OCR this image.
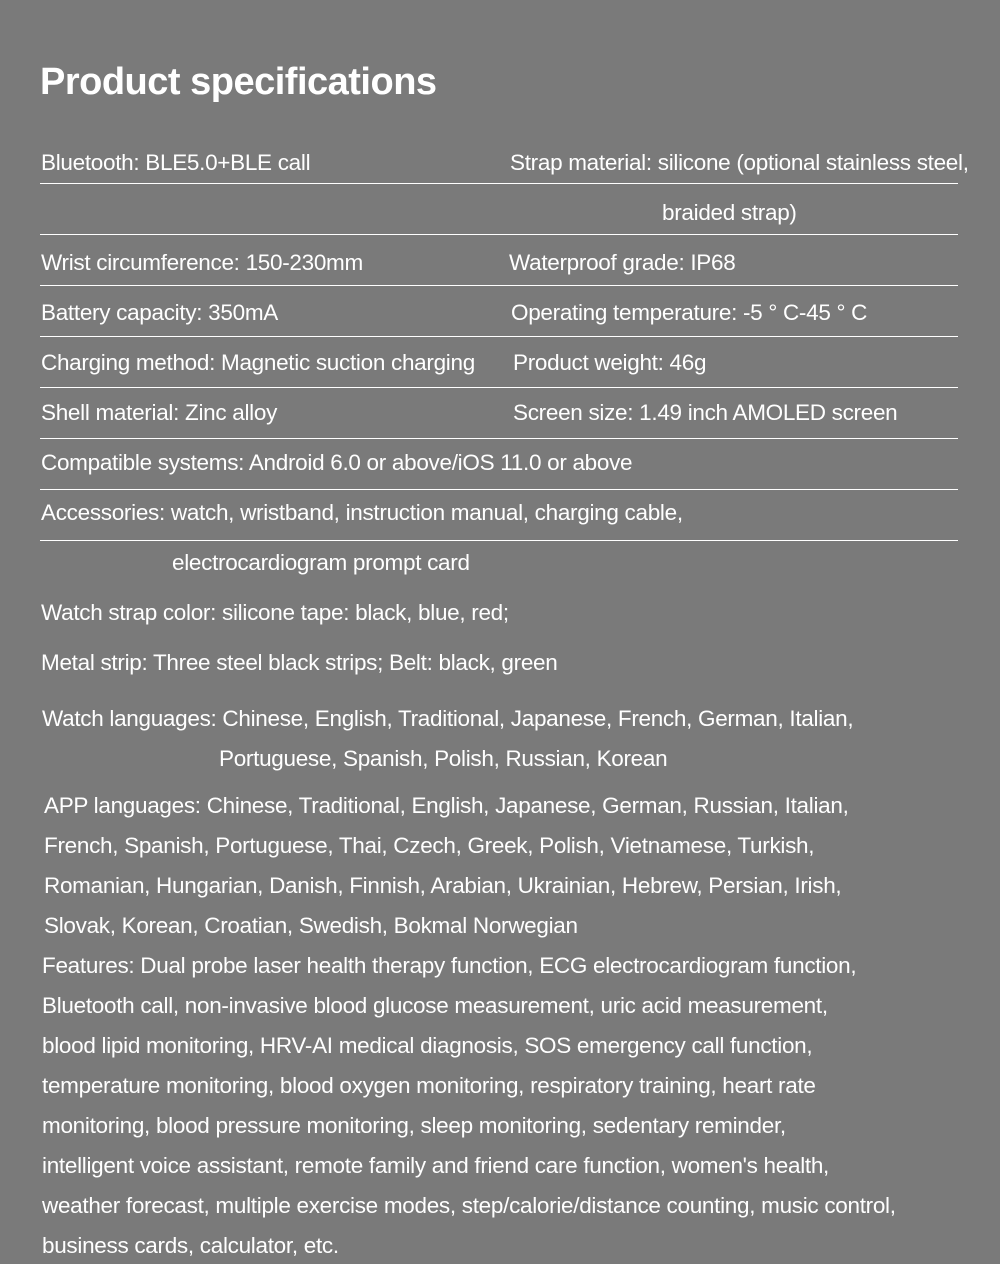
Product specifications
Bluetooth: BLE5.0+BLE call	Strap material: silicone (optional stainless steel,
braided strap)
Wrist circumference: 150-230mm	Waterproof grade: IP68
Battery capacity: 350mA	Operating temperature: -5 ° C-45 ° C
Charging method: Magnetic suction charging Product weight: 46g
Shell material: Zinc alloy	Screen size: 1.49 inch AMOLED screen
Compatible systems: Android 6.0 or above/iOS 11.0 or above
Accessories: watch, wristband, instruction manual, charging cable,
electrocardiogram prompt card
Watch strap color: silicone tape: black, blue, red;
Metal strip: Three steel black strips; Belt: black, green
Watch languages: Chinese, English, Traditional, Japanese, French, German, Italian,
Portuguese, Spanish, Polish, Russian, Korean
APP languages: Chinese, Traditional, English, Japanese, German, Russian, Italian,
French, Spanish, Portuguese, Thai, Czech, Greek, Polish, Vietnamese, Turkish,
Romanian, Hungarian, Danish, Finnish, Arabian, Ukrainian, Hebrew, Persian, Irish,
Slovak, Korean, Croatian, Swedish, Bokmal Norwegian
Features: Dual probe laser health therapy function, ECG electrocardiogram function,
Bluetooth call, non-invasive blood glucose measurement, uric acid measurement,
blood lipid monitoring, HRV-AI medical diagnosis, SOS emergency call function,
temperature monitoring, blood oxygen monitoring, respiratory training, heart rate
monitoring, blood pressure monitoring, sleep monitoring, sedentary reminder,
intelligent voice assistant, remote family and friend care function, women's health,
weather forecast, multiple exercise modes, step/calorie/distance counting, music control,
business cards, calculator, etc.
